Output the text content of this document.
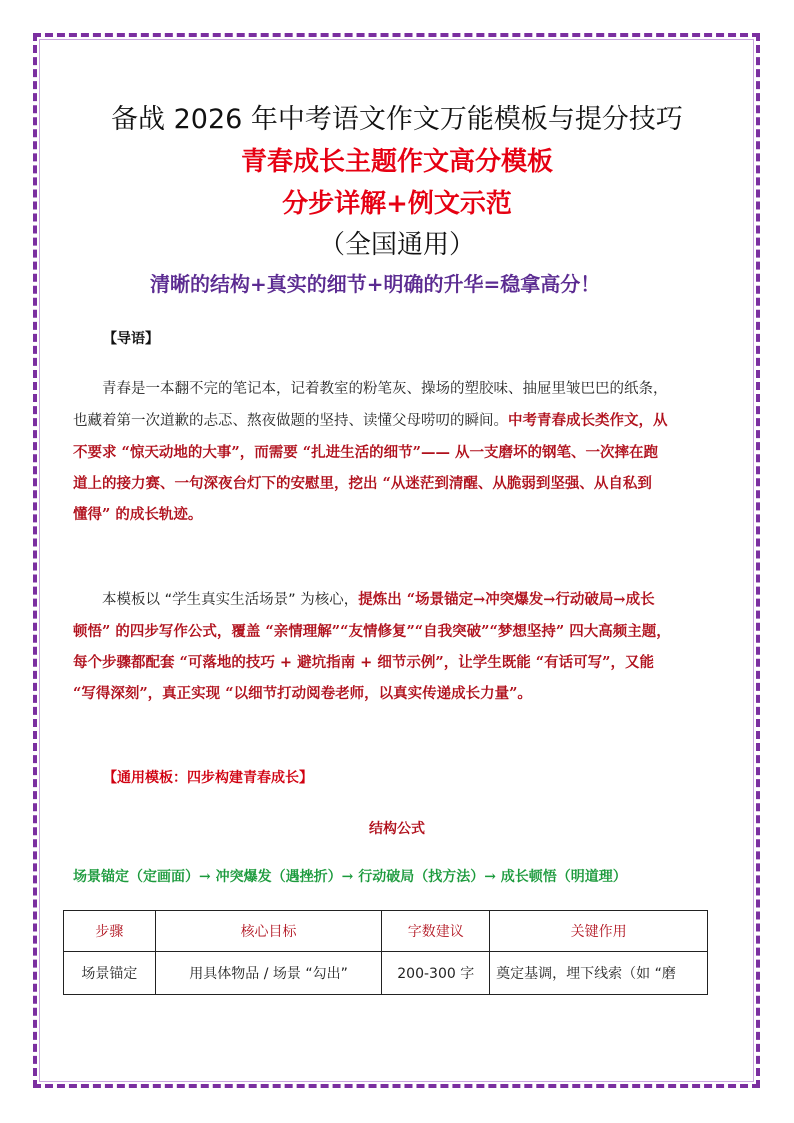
备战 2026 年中考语文作文万能模板与提分技巧
青春成长主题作文高分模板
分步详解+例文示范
（全国通用）
清晰的结构+真实的细节+明确的升华=稳拿高分！
【导语】
青春是一本翻不完的笔记本，记着教室的粉笔灰、操场的塑胶味、抽屉里皱巴巴的纸条，
也藏着第一次道歉的忐忑、熬夜做题的坚持、读懂父母唠叨的瞬间。中考青春成长类作文，从
不要求 “惊天动地的大事”，而需要 “扎进生活的细节”—— 从一支磨坏的钢笔、一次摔在跑
道上的接力赛、一句深夜台灯下的安慰里，挖出 “从迷茫到清醒、从脆弱到坚强、从自私到
懂得” 的成长轨迹。
本模板以 “学生真实生活场景” 为核心，提炼出 “场景锚定→冲突爆发→行动破局→成长
顿悟” 的四步写作公式，覆盖 “亲情理解”“友情修复”“自我突破”“梦想坚持” 四大高频主题，
每个步骤都配套 “可落地的技巧 + 避坑指南 + 细节示例”，让学生既能 “有话可写”，又能
“写得深刻”，真正实现 “以细节打动阅卷老师，以真实传递成长力量”。
【通用模板：四步构建青春成长】
结构公式
场景锚定（定画面）→ 冲突爆发（遇挫折）→ 行动破局（找方法）→ 成长顿悟（明道理）
步骤	核心目标	字数建议	关键作用
场景锚定	用具体物品 / 场景 “勾出”	200-300 字	奠定基调，埋下线索（如 “磨
